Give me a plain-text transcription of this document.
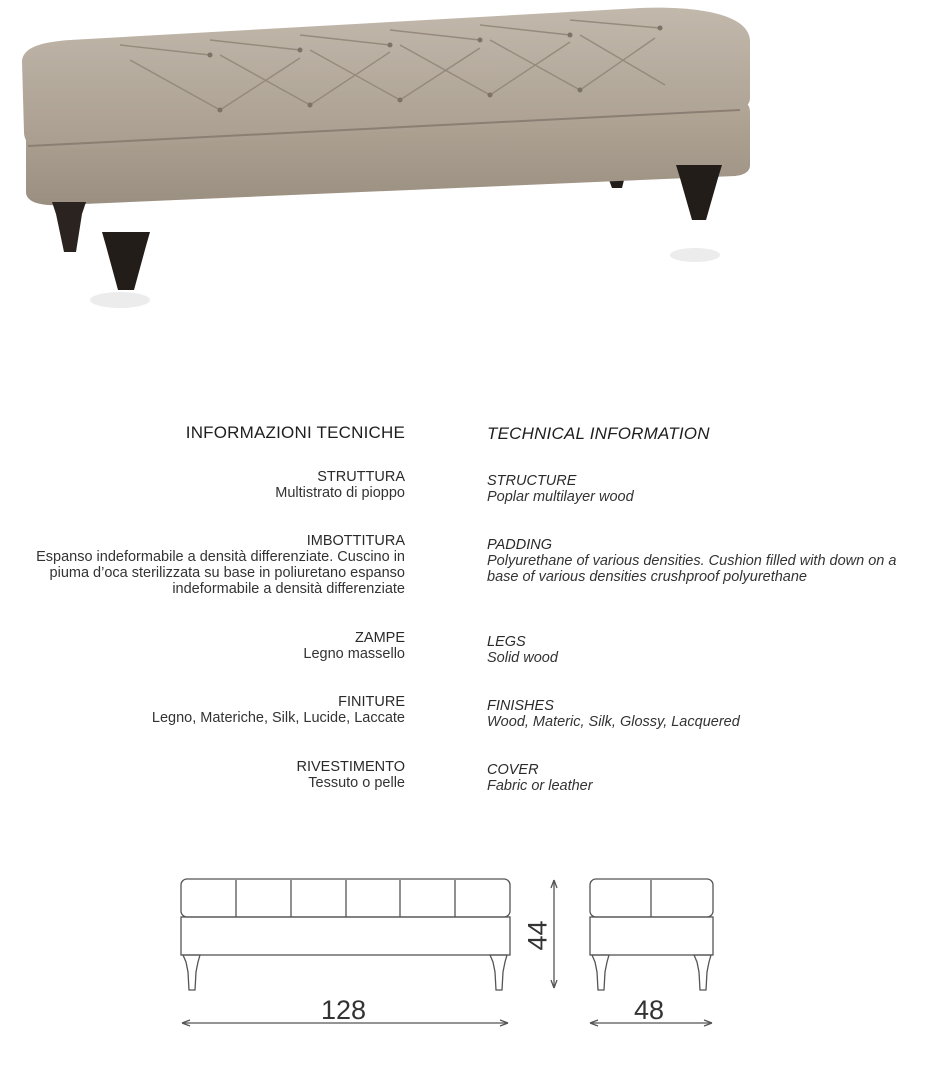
INFORMAZIONI TECNICHE	TECHNICAL INFORMATION
STRUTTURA
Multistrato di pioppo
IMBOTTITURA
Espanso indeformabile a densità differenziate. Cuscino in piuma d’oca sterilizzata su base in poliuretano espanso indeformabile a densità differenziate
ZAMPE
Legno massello
FINITURE
Legno, Materiche, Silk, Lucide, Laccate
RIVESTIMENTO
Tessuto o pelle
STRUCTURE
Poplar multilayer wood
PADDING
Polyurethane of various densities. Cushion filled with down on a base of various densities crushproof polyurethane
LEGS
Solid wood
FINISHES
Wood, Materic, Silk, Glossy, Lacquered
COVER
Fabric or leather
128	48
44
